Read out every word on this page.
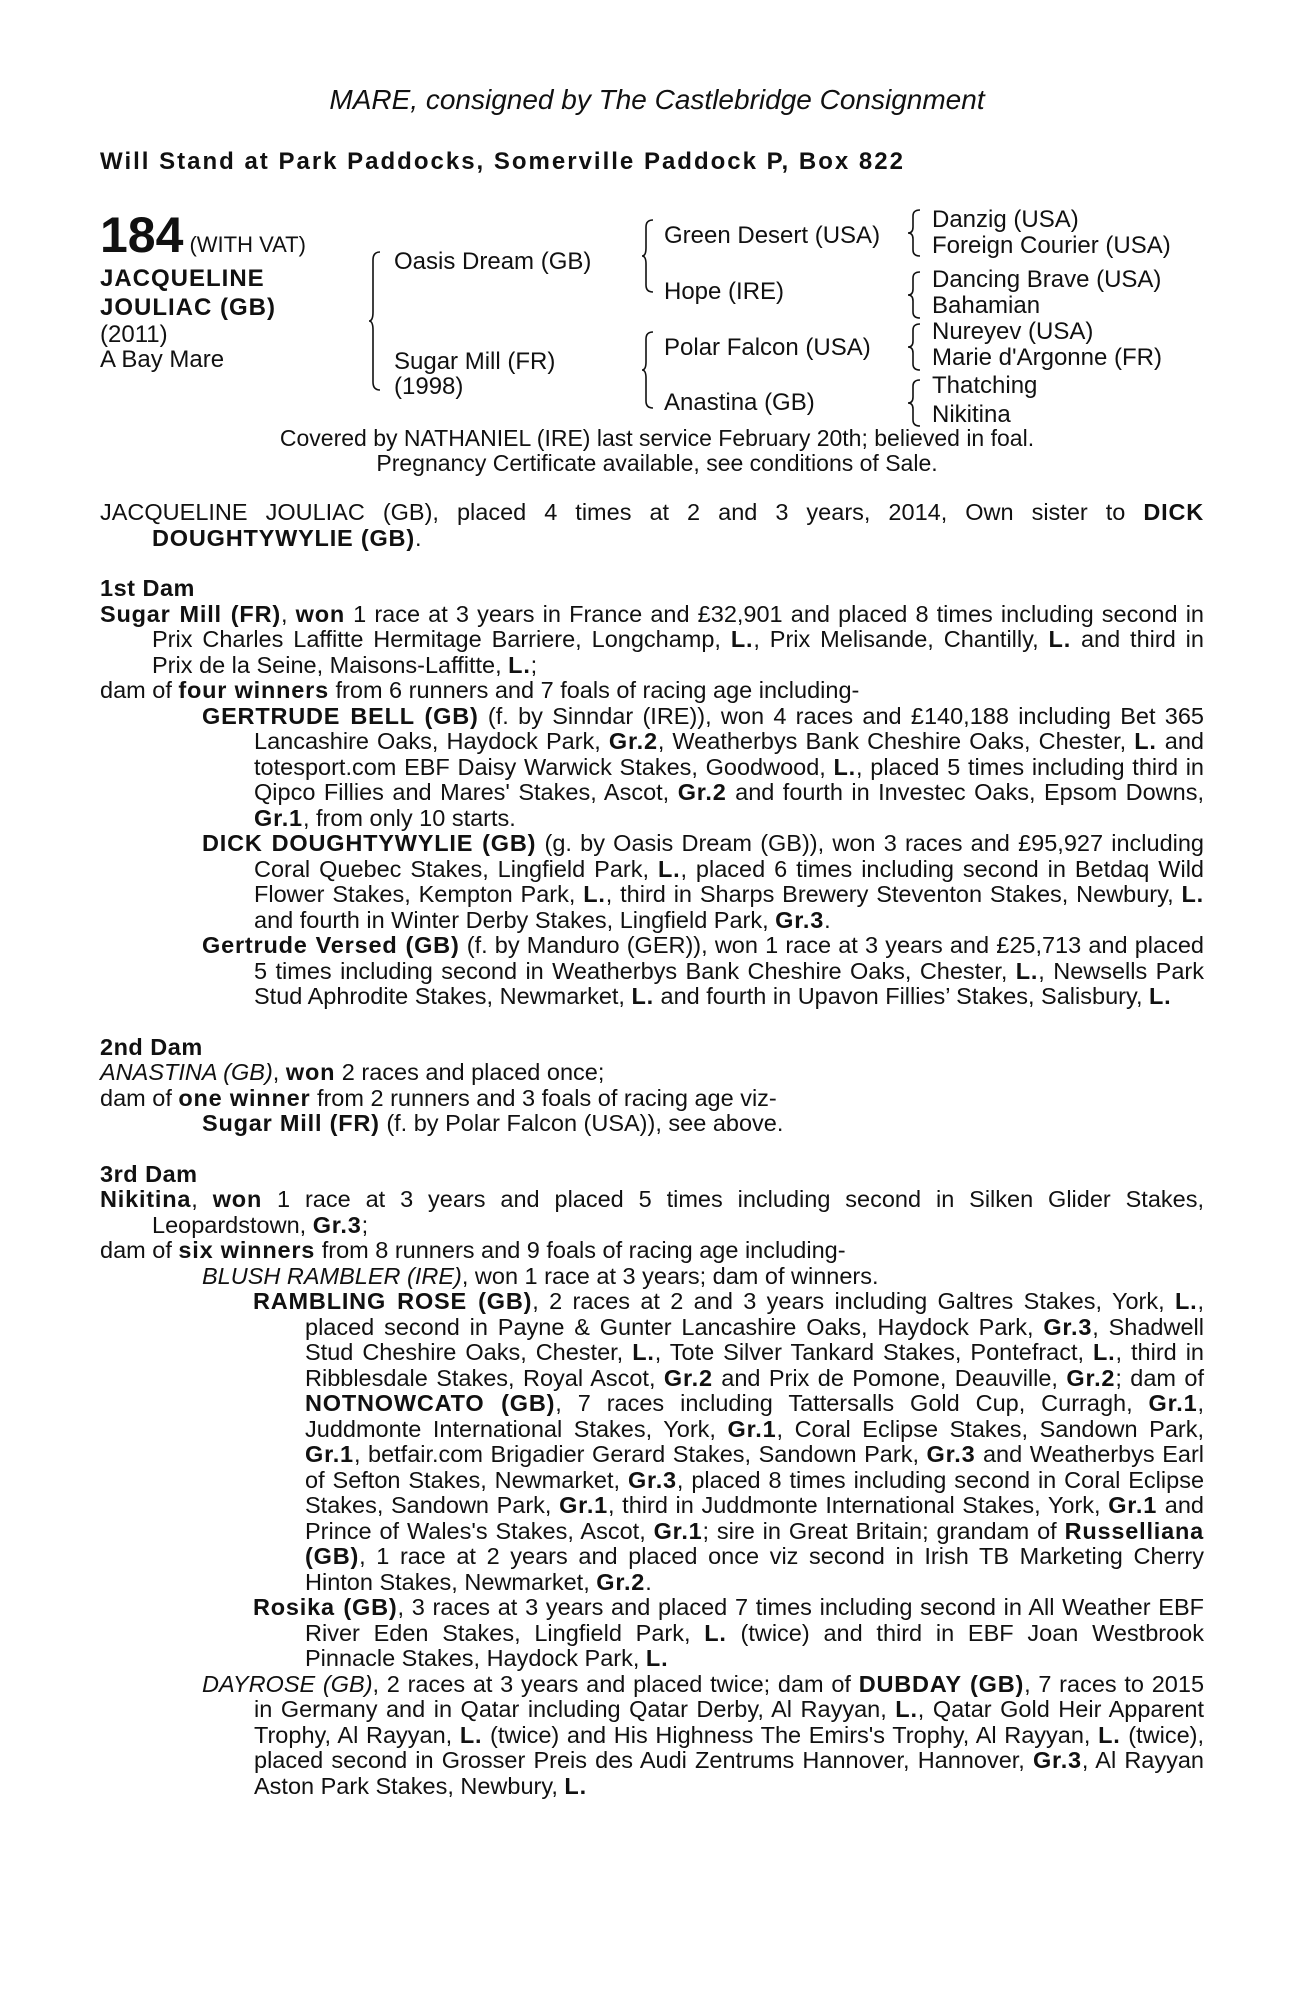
MARE, consigned by The Castlebridge Consignment
Will Stand at Park Paddocks, Somerville Paddock P, Box 822
184 (WITH VAT)
JACQUELINE
JOULIAC (GB)
(2011)
A Bay Mare
Oasis Dream (GB)
Sugar Mill (FR)
(1998)
Green Desert (USA)
Hope (IRE)
Polar Falcon (USA)
Anastina (GB)
Danzig (USA)
Foreign Courier (USA)
Dancing Brave (USA)
Bahamian
Nureyev (USA)
Marie d'Argonne (FR)
Thatching
Nikitina
Covered by NATHANIEL (IRE) last service February 20th; believed in foal.
Pregnancy Certificate available, see conditions of Sale.

JACQUELINE JOULIAC (GB), placed 4 times at 2 and 3 years, 2014, Own sister to DICK DOUGHTYWYLIE (GB).

1st Dam

Sugar Mill (FR), won 1 race at 3 years in France and £32,901 and placed 8 times including second in Prix Charles Laffitte Hermitage Barriere, Longchamp, L., Prix Melisande, Chantilly, L. and third in Prix de la Seine, Maisons-Laffitte, L.;

dam of four winners from 6 runners and 7 foals of racing age including-

GERTRUDE BELL (GB) (f. by Sinndar (IRE)), won 4 races and £140,188 including Bet 365 Lancashire Oaks, Haydock Park, Gr.2, Weatherbys Bank Cheshire Oaks, Chester, L. and totesport.com EBF Daisy Warwick Stakes, Goodwood, L., placed 5 times including third in Qipco Fillies and Mares' Stakes, Ascot, Gr.2 and fourth in Investec Oaks, Epsom Downs, Gr.1, from only 10 starts.

DICK DOUGHTYWYLIE (GB) (g. by Oasis Dream (GB)), won 3 races and £95,927 including Coral Quebec Stakes, Lingfield Park, L., placed 6 times including second in Betdaq Wild Flower Stakes, Kempton Park, L., third in Sharps Brewery Steventon Stakes, Newbury, L. and fourth in Winter Derby Stakes, Lingfield Park, Gr.3.

Gertrude Versed (GB) (f. by Manduro (GER)), won 1 race at 3 years and £25,713 and placed 5 times including second in Weatherbys Bank Cheshire Oaks, Chester, L., Newsells Park Stud Aphrodite Stakes, Newmarket, L. and fourth in Upavon Fillies’ Stakes, Salisbury, L.

2nd Dam

ANASTINA (GB), won 2 races and placed once;

dam of one winner from 2 runners and 3 foals of racing age viz-

Sugar Mill (FR) (f. by Polar Falcon (USA)), see above.

3rd Dam

Nikitina, won 1 race at 3 years and placed 5 times including second in Silken Glider Stakes, Leopardstown, Gr.3;

dam of six winners from 8 runners and 9 foals of racing age including-

BLUSH RAMBLER (IRE), won 1 race at 3 years; dam of winners.

RAMBLING ROSE (GB), 2 races at 2 and 3 years including Galtres Stakes, York, L., placed second in Payne & Gunter Lancashire Oaks, Haydock Park, Gr.3, Shadwell Stud Cheshire Oaks, Chester, L., Tote Silver Tankard Stakes, Pontefract, L., third in Ribblesdale Stakes, Royal Ascot, Gr.2 and Prix de Pomone, Deauville, Gr.2; dam of NOTNOWCATO (GB), 7 races including Tattersalls Gold Cup, Curragh, Gr.1, Juddmonte International Stakes, York, Gr.1, Coral Eclipse Stakes, Sandown Park, Gr.1, betfair.com Brigadier Gerard Stakes, Sandown Park, Gr.3 and Weatherbys Earl of Sefton Stakes, Newmarket, Gr.3, placed 8 times including second in Coral Eclipse Stakes, Sandown Park, Gr.1, third in Juddmonte International Stakes, York, Gr.1 and Prince of Wales's Stakes, Ascot, Gr.1; sire in Great Britain; grandam of Russelliana (GB), 1 race at 2 years and placed once viz second in Irish TB Marketing Cherry Hinton Stakes, Newmarket, Gr.2.

Rosika (GB), 3 races at 3 years and placed 7 times including second in All Weather EBF River Eden Stakes, Lingfield Park, L. (twice) and third in EBF Joan Westbrook Pinnacle Stakes, Haydock Park, L.

DAYROSE (GB), 2 races at 3 years and placed twice; dam of DUBDAY (GB), 7 races to 2015 in Germany and in Qatar including Qatar Derby, Al Rayyan, L., Qatar Gold Heir Apparent Trophy, Al Rayyan, L. (twice) and His Highness The Emirs's Trophy, Al Rayyan, L. (twice), placed second in Grosser Preis des Audi Zentrums Hannover, Hannover, Gr.3, Al Rayyan Aston Park Stakes, Newbury, L.
